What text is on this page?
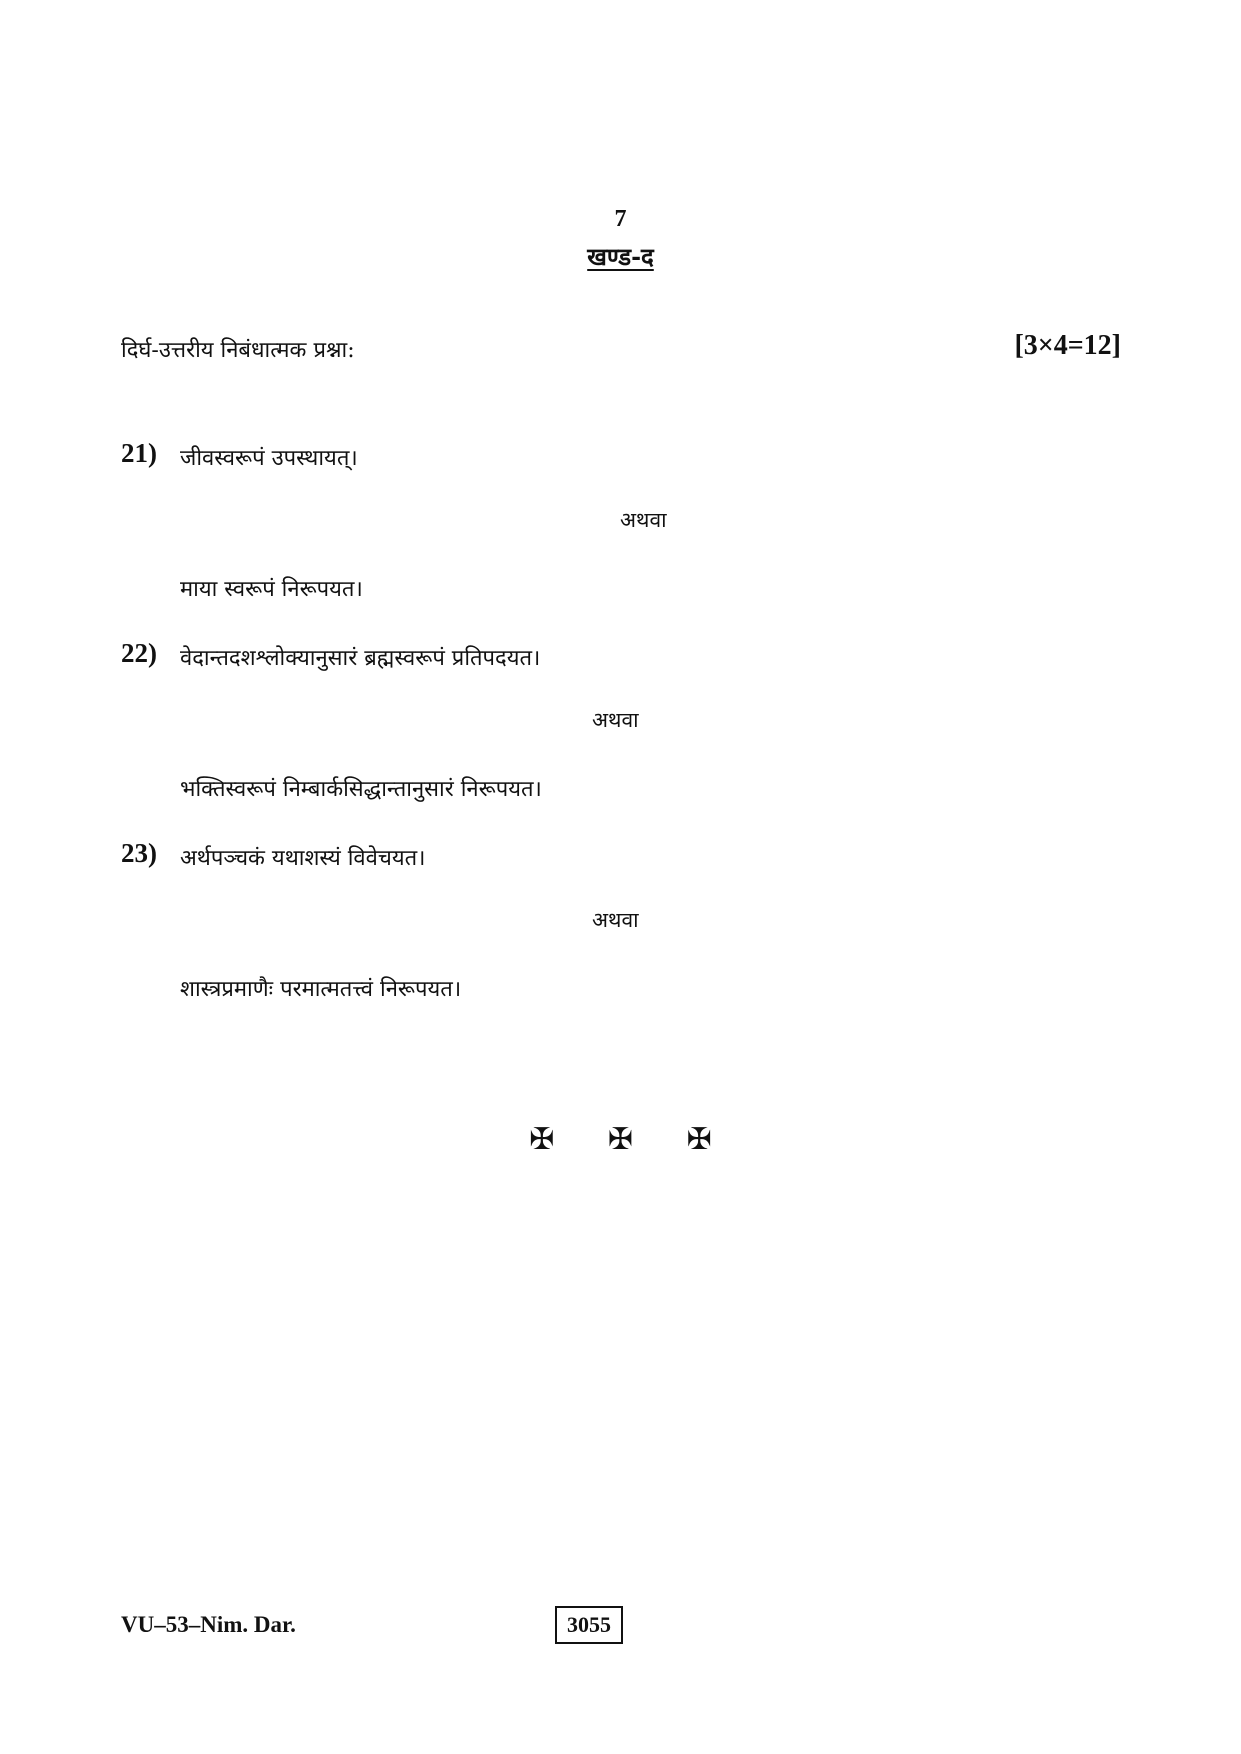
7
खण्ड-द
दिर्घ-उत्तरीय निबंधात्मक प्रश्ना:	[3×4=12]
21) जीवस्वरूपं उपस्थायत्।
अथवा
माया स्वरूपं निरूपयत।
22) वेदान्तदशश्लोक्यानुसारं ब्रह्मस्वरूपं प्रतिपदयत।
अथवा
भक्तिस्वरूपं निम्बार्कसिद्धान्तानुसारं निरूपयत।
23) अर्थपञ्चकं यथाशस्यं विवेचयत।
अथवा
शास्त्रप्रमाणैः परमात्मतत्त्वं निरूपयत।
✠ ✠ ✠
VU–53–Nim. Dar.	3055
